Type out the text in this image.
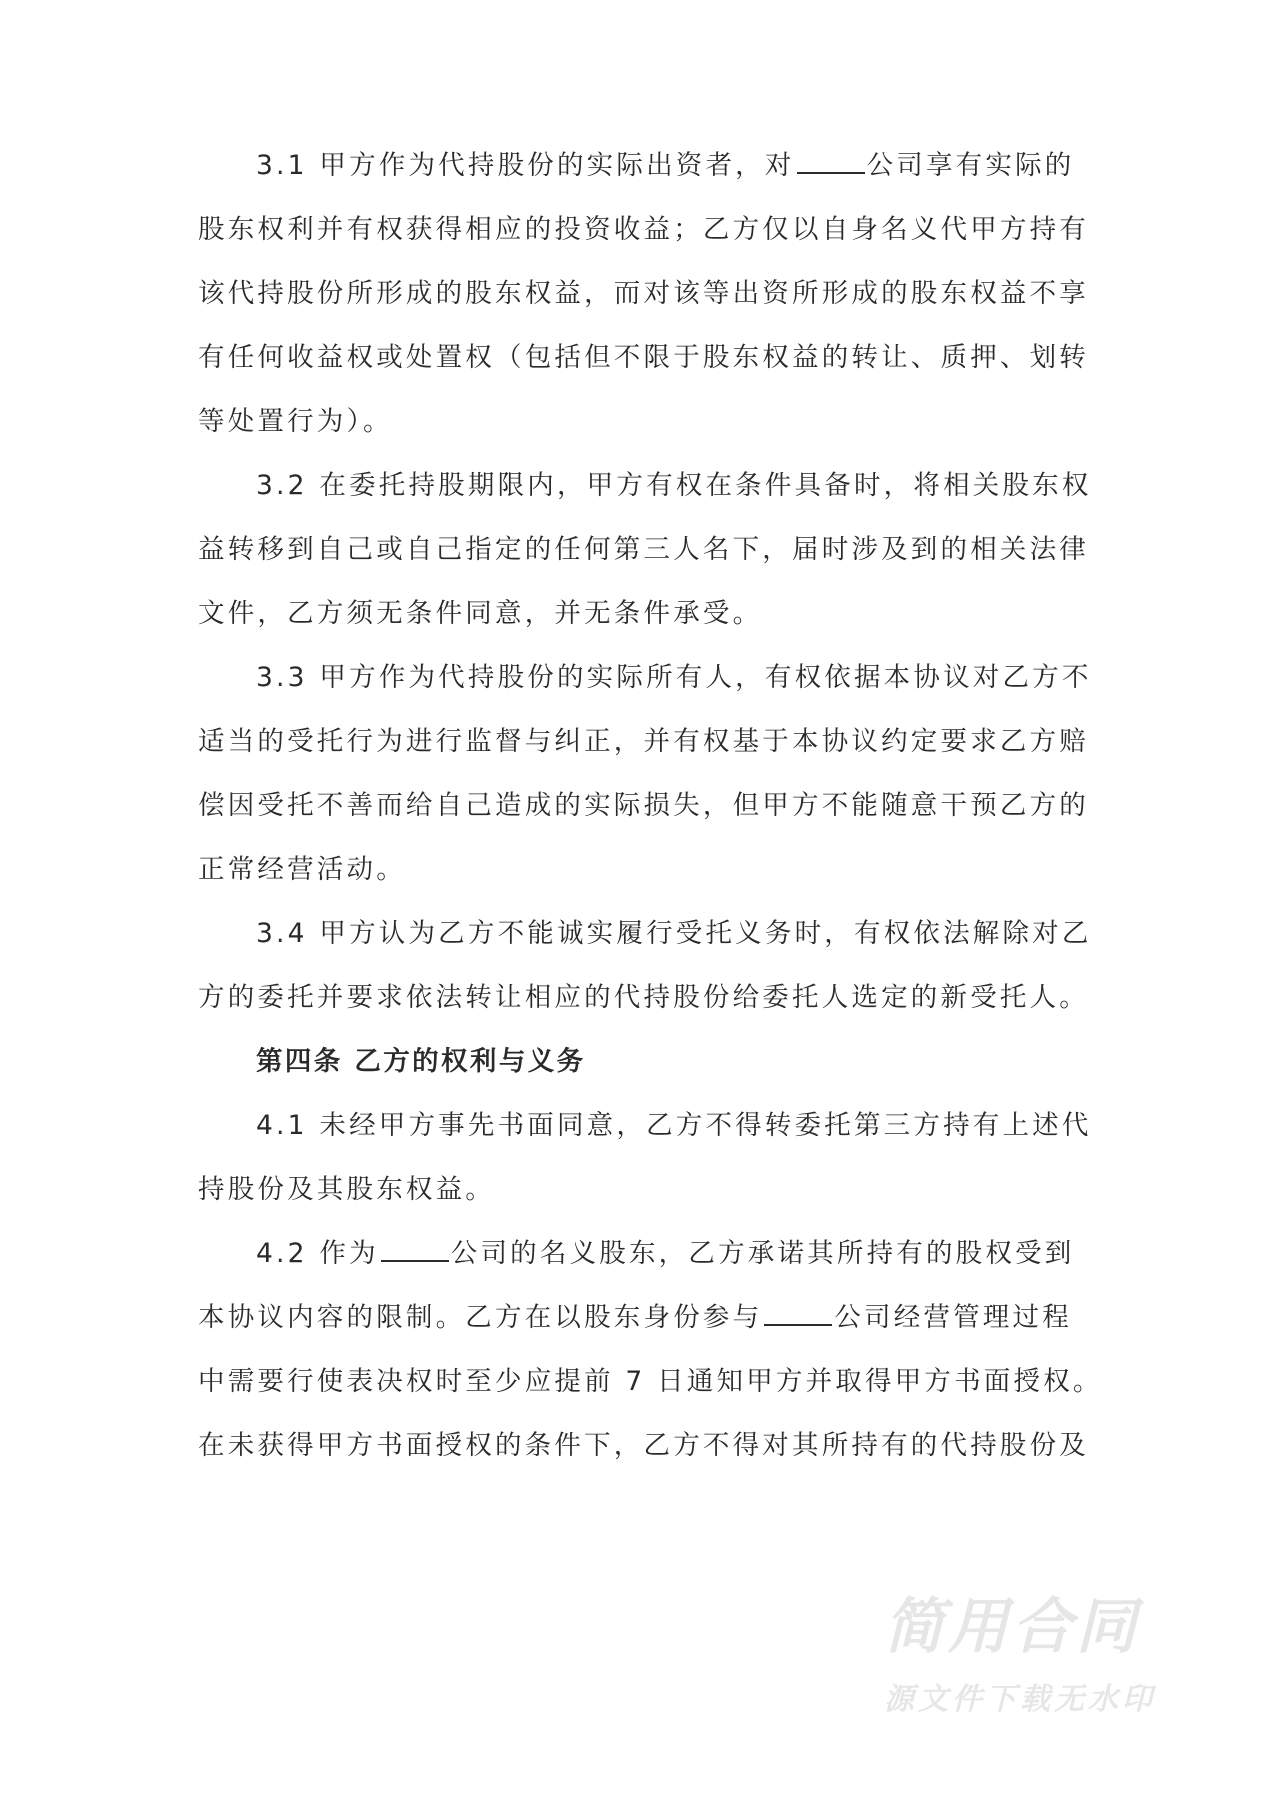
3.1 甲方作为代持股份的实际出资者，对	公司享有实际的
股东权利并有权获得相应的投资收益；乙方仅以自身名义代甲方持有
该代持股份所形成的股东权益，而对该等出资所形成的股东权益不享
有任何收益权或处置权（包括但不限于股东权益的转让、质押、划转
等处置行为）。
3.2 在委托持股期限内，甲方有权在条件具备时，将相关股东权
益转移到自己或自己指定的任何第三人名下，届时涉及到的相关法律
文件，乙方须无条件同意，并无条件承受。
3.3 甲方作为代持股份的实际所有人，有权依据本协议对乙方不
适当的受托行为进行监督与纠正，并有权基于本协议约定要求乙方赔
偿因受托不善而给自己造成的实际损失，但甲方不能随意干预乙方的
正常经营活动。
3.4 甲方认为乙方不能诚实履行受托义务时，有权依法解除对乙
方的委托并要求依法转让相应的代持股份给委托人选定的新受托人。
第四条 乙方的权利与义务
4.1 未经甲方事先书面同意，乙方不得转委托第三方持有上述代
持股份及其股东权益。
4.2 作为	公司的名义股东，乙方承诺其所持有的股权受到
本协议内容的限制。乙方在以股东身份参与	公司经营管理过程
中需要行使表决权时至少应提前 7 日通知甲方并取得甲方书面授权。
在未获得甲方书面授权的条件下，乙方不得对其所持有的代持股份及
简用合同
源文件下载无水印
